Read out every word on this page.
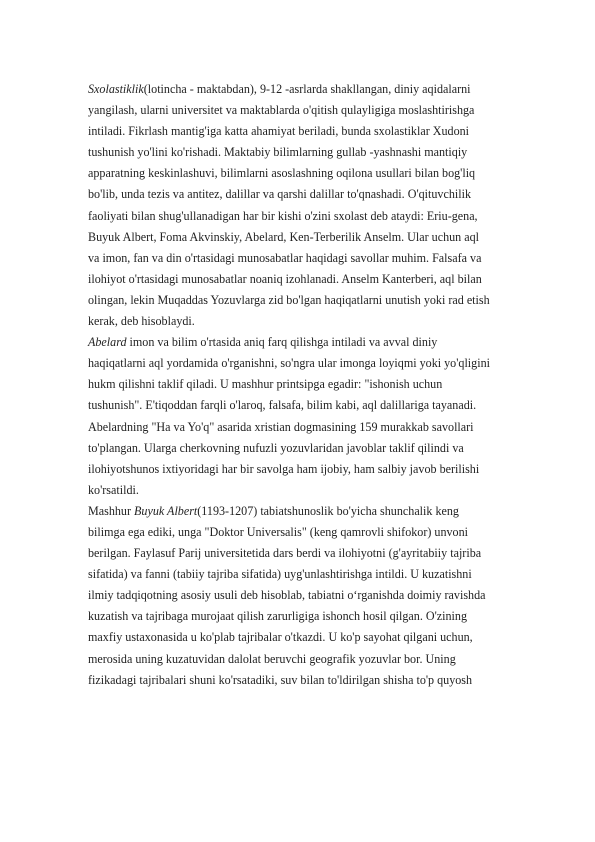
Sxolastiklik(lotincha - maktabdan), 9-12 -asrlarda shakllangan, diniy aqidalarni
yangilash, ularni universitet va maktablarda o'qitish qulayligiga moslashtirishga
intiladi. Fikrlash mantig'iga katta ahamiyat beriladi, bunda sxolastiklar Xudoni
tushunish yo'lini ko'rishadi. Maktabiy bilimlarning gullab -yashnashi mantiqiy
apparatning keskinlashuvi, bilimlarni asoslashning oqilona usullari bilan bog'liq
bo'lib, unda tezis va antitez, dalillar va qarshi dalillar to'qnashadi. O'qituvchilik
faoliyati bilan shug'ullanadigan har bir kishi o'zini sxolast deb ataydi: Eriu-gena,
Buyuk Albert, Foma Akvinskiy, Abelard, Ken-Terberilik Anselm. Ular uchun aql
va imon, fan va din o'rtasidagi munosabatlar haqidagi savollar muhim. Falsafa va
ilohiyot o'rtasidagi munosabatlar noaniq izohlanadi. Anselm Kanterberi, aql bilan
olingan, lekin Muqaddas Yozuvlarga zid bo'lgan haqiqatlarni unutish yoki rad etish
kerak, deb hisoblaydi.
Abelard imon va bilim o'rtasida aniq farq qilishga intiladi va avval diniy
haqiqatlarni aql yordamida o'rganishni, so'ngra ular imonga loyiqmi yoki yo'qligini
hukm qilishni taklif qiladi. U mashhur printsipga egadir: "ishonish uchun
tushunish". E'tiqoddan farqli o'laroq, falsafa, bilim kabi, aql dalillariga tayanadi.
Abelardning "Ha va Yo'q" asarida xristian dogmasining 159 murakkab savollari
to'plangan. Ularga cherkovning nufuzli yozuvlaridan javoblar taklif qilindi va
ilohiyotshunos ixtiyoridagi har bir savolga ham ijobiy, ham salbiy javob berilishi
ko'rsatildi.
Mashhur Buyuk Albert(1193-1207) tabiatshunoslik bo'yicha shunchalik keng
bilimga ega ediki, unga "Doktor Universalis" (keng qamrovli shifokor) unvoni
berilgan. Faylasuf Parij universitetida dars berdi va ilohiyotni (g'ayritabiiy tajriba
sifatida) va fanni (tabiiy tajriba sifatida) uyg'unlashtirishga intildi. U kuzatishni
ilmiy tadqiqotning asosiy usuli deb hisoblab, tabiatni o‘rganishda doimiy ravishda
kuzatish va tajribaga murojaat qilish zarurligiga ishonch hosil qilgan. O'zining
maxfiy ustaxonasida u ko'plab tajribalar o'tkazdi. U ko'p sayohat qilgani uchun,
merosida uning kuzatuvidan dalolat beruvchi geografik yozuvlar bor. Uning
fizikadagi tajribalari shuni ko'rsatadiki, suv bilan to'ldirilgan shisha to'p quyosh
